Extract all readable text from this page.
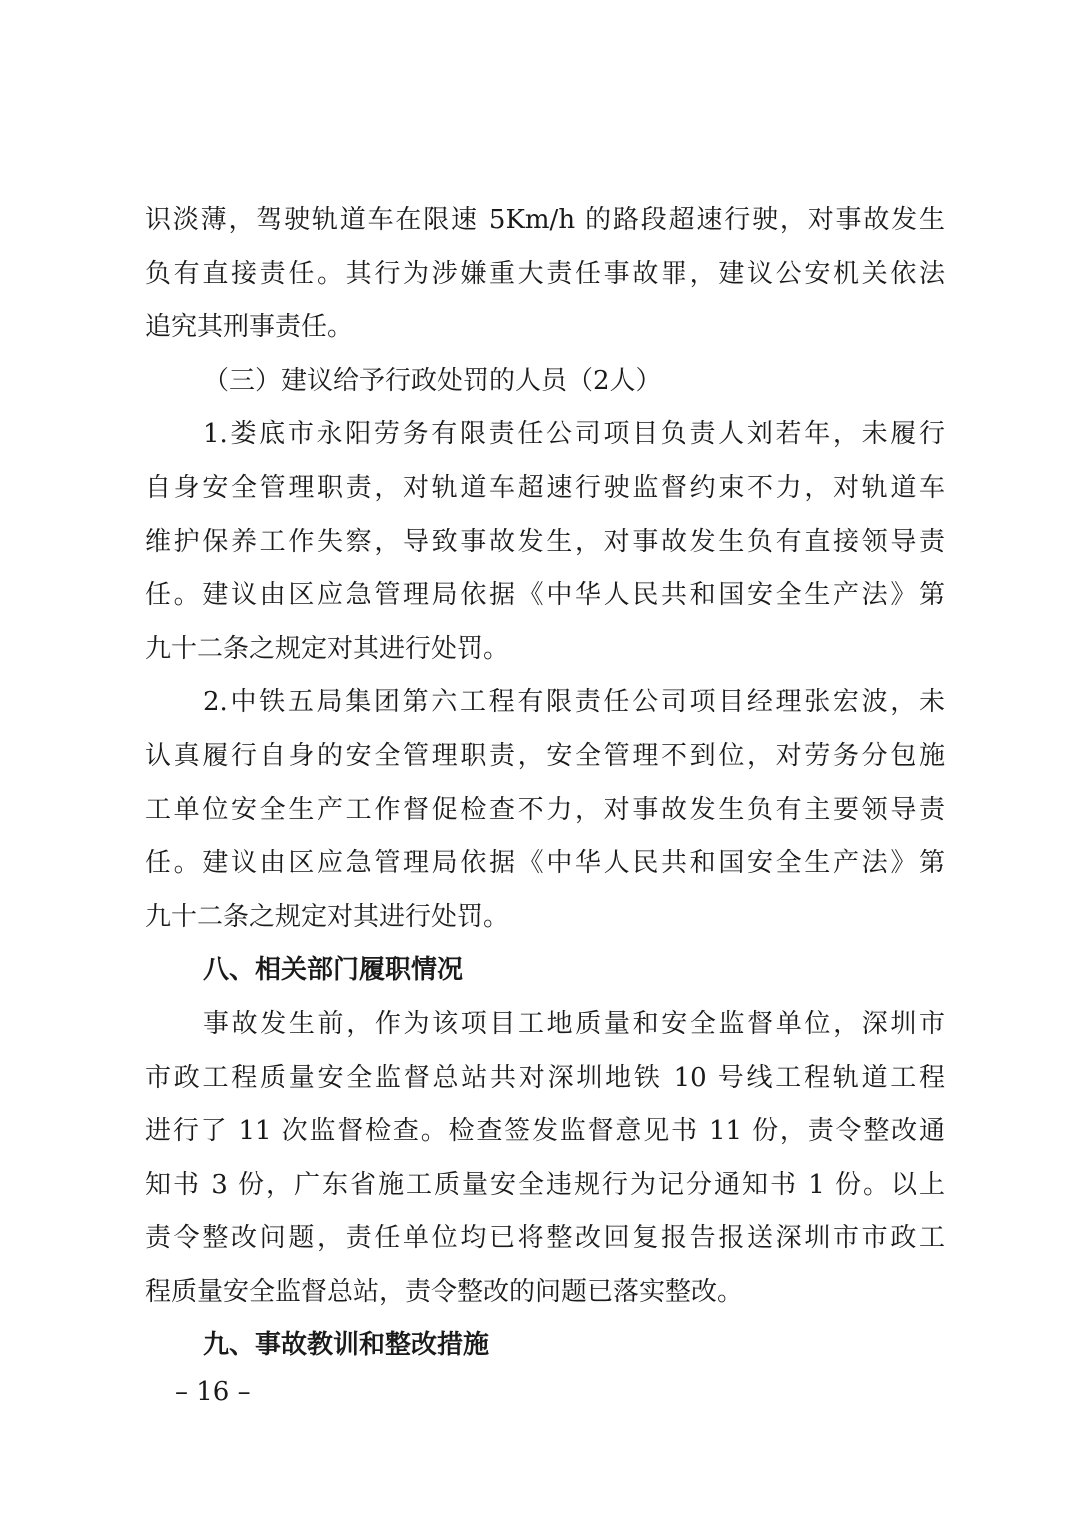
识淡薄，驾驶轨道车在限速 5Km/h 的路段超速行驶，对事故发生
负有直接责任。其行为涉嫌重大责任事故罪，建议公安机关依法
追究其刑事责任。
（三）建议给予行政处罚的人员（2人）
1.娄底市永阳劳务有限责任公司项目负责人刘若年，未履行
自身安全管理职责，对轨道车超速行驶监督约束不力，对轨道车
维护保养工作失察，导致事故发生，对事故发生负有直接领导责
任。建议由区应急管理局依据《中华人民共和国安全生产法》第
九十二条之规定对其进行处罚。
2.中铁五局集团第六工程有限责任公司项目经理张宏波，未
认真履行自身的安全管理职责，安全管理不到位，对劳务分包施
工单位安全生产工作督促检查不力，对事故发生负有主要领导责
任。建议由区应急管理局依据《中华人民共和国安全生产法》第
九十二条之规定对其进行处罚。
八、相关部门履职情况
事故发生前，作为该项目工地质量和安全监督单位，深圳市
市政工程质量安全监督总站共对深圳地铁 10 号线工程轨道工程
进行了 11 次监督检查。检查签发监督意见书 11 份，责令整改通
知书 3 份，广东省施工质量安全违规行为记分通知书 1 份。以上
责令整改问题，责任单位均已将整改回复报告报送深圳市市政工
程质量安全监督总站，责令整改的问题已落实整改。
九、事故教训和整改措施
– 16 –
